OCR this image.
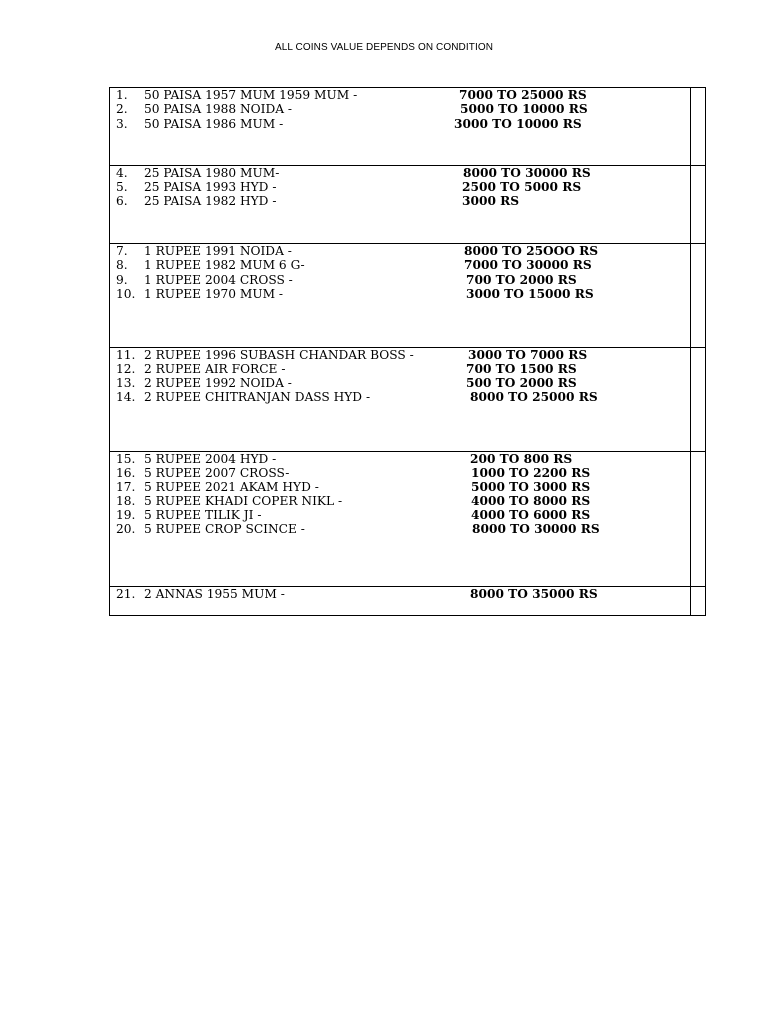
ALL COINS VALUE DEPENDS ON CONDITION
1. 50 PAISA 1957 MUM 1959 MUM -	7000 TO 25000 RS
2. 50 PAISA 1988 NOIDA -	5000 TO 10000 RS
3. 50 PAISA 1986 MUM -	3000 TO 10000 RS
4. 25 PAISA 1980 MUM-	8000 TO 30000 RS
5. 25 PAISA 1993 HYD -	2500 TO 5000 RS
6. 25 PAISA 1982 HYD -	3000 RS
7. 1 RUPEE 1991 NOIDA -	8000 TO 25OOO RS
8. 1 RUPEE 1982 MUM 6 G-	7000 TO 30000 RS
9. 1 RUPEE 2004 CROSS -	700 TO 2000 RS
10. 1 RUPEE 1970 MUM -	3000 TO 15000 RS
11. 2 RUPEE 1996 SUBASH CHANDAR BOSS -	3000 TO 7000 RS
12. 2 RUPEE AIR FORCE -	700 TO 1500 RS
13. 2 RUPEE 1992 NOIDA -	500 TO 2000 RS
14. 2 RUPEE CHITRANJAN DASS HYD -	8000 TO 25000 RS
15. 5 RUPEE 2004 HYD -	200 TO 800 RS
16. 5 RUPEE 2007 CROSS-	1000 TO 2200 RS
17. 5 RUPEE 2021 AKAM HYD -	5000 TO 3000 RS
18. 5 RUPEE KHADI COPER NIKL -	4000 TO 8000 RS
19. 5 RUPEE TILIK JI -	4000 TO 6000 RS
20. 5 RUPEE CROP SCINCE -	8000 TO 30000 RS
21. 2 ANNAS 1955 MUM -	8000 TO 35000 RS
